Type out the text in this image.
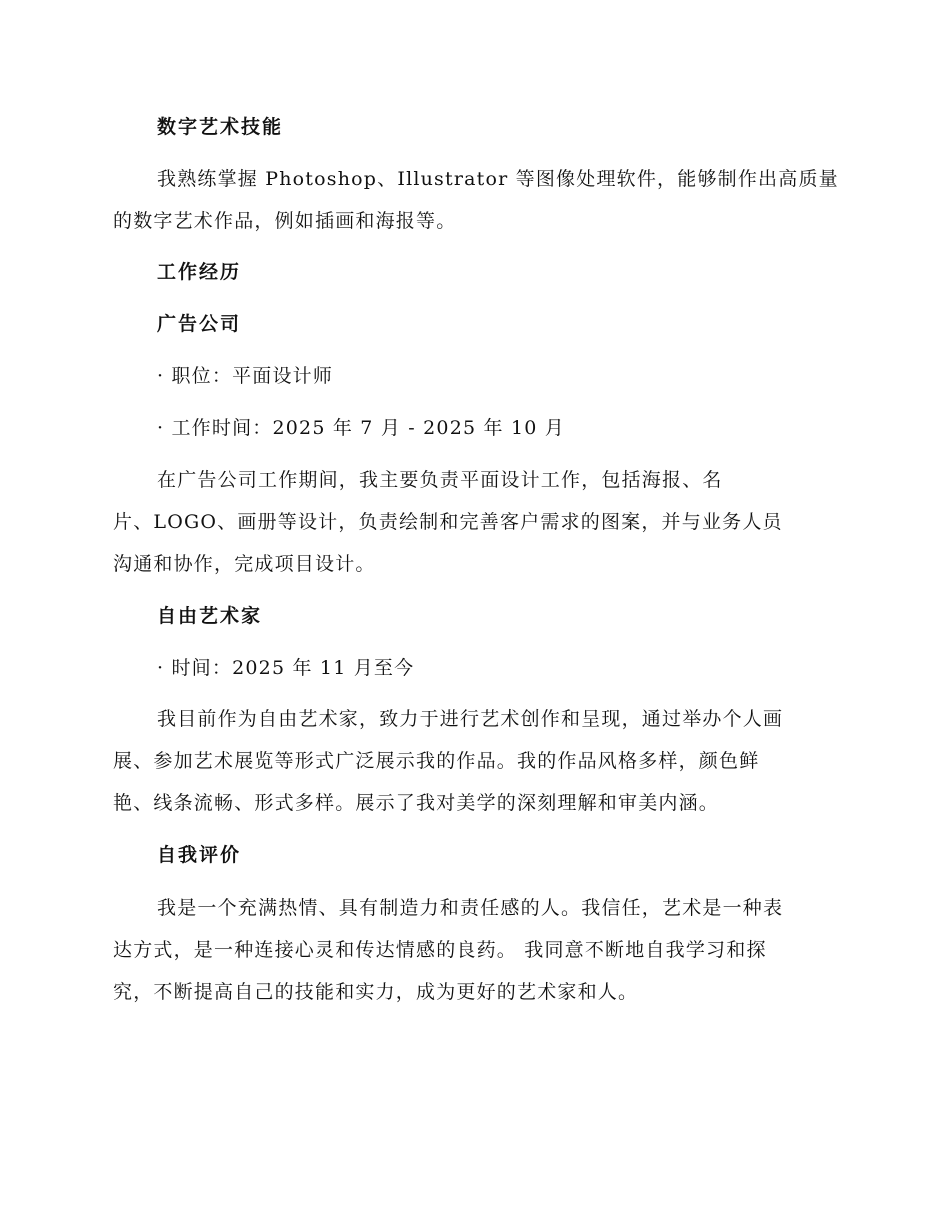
数字艺术技能
我熟练掌握 Photoshop、Illustrator 等图像处理软件，能够制作出高质量
的数字艺术作品，例如插画和海报等。
工作经历
广告公司
· 职位：平面设计师
· 工作时间：2025 年 7 月 - 2025 年 10 月
在广告公司工作期间，我主要负责平面设计工作，包括海报、名
片、LOGO、画册等设计，负责绘制和完善客户需求的图案，并与业务人员
沟通和协作，完成项目设计。
自由艺术家
· 时间：2025 年 11 月至今
我目前作为自由艺术家，致力于进行艺术创作和呈现，通过举办个人画
展、参加艺术展览等形式广泛展示我的作品。我的作品风格多样，颜色鲜
艳、线条流畅、形式多样。展示了我对美学的深刻理解和审美内涵。
自我评价
我是一个充满热情、具有制造力和责任感的人。我信任，艺术是一种表
达方式，是一种连接心灵和传达情感的良药。 我同意不断地自我学习和探
究，不断提高自己的技能和实力，成为更好的艺术家和人。
